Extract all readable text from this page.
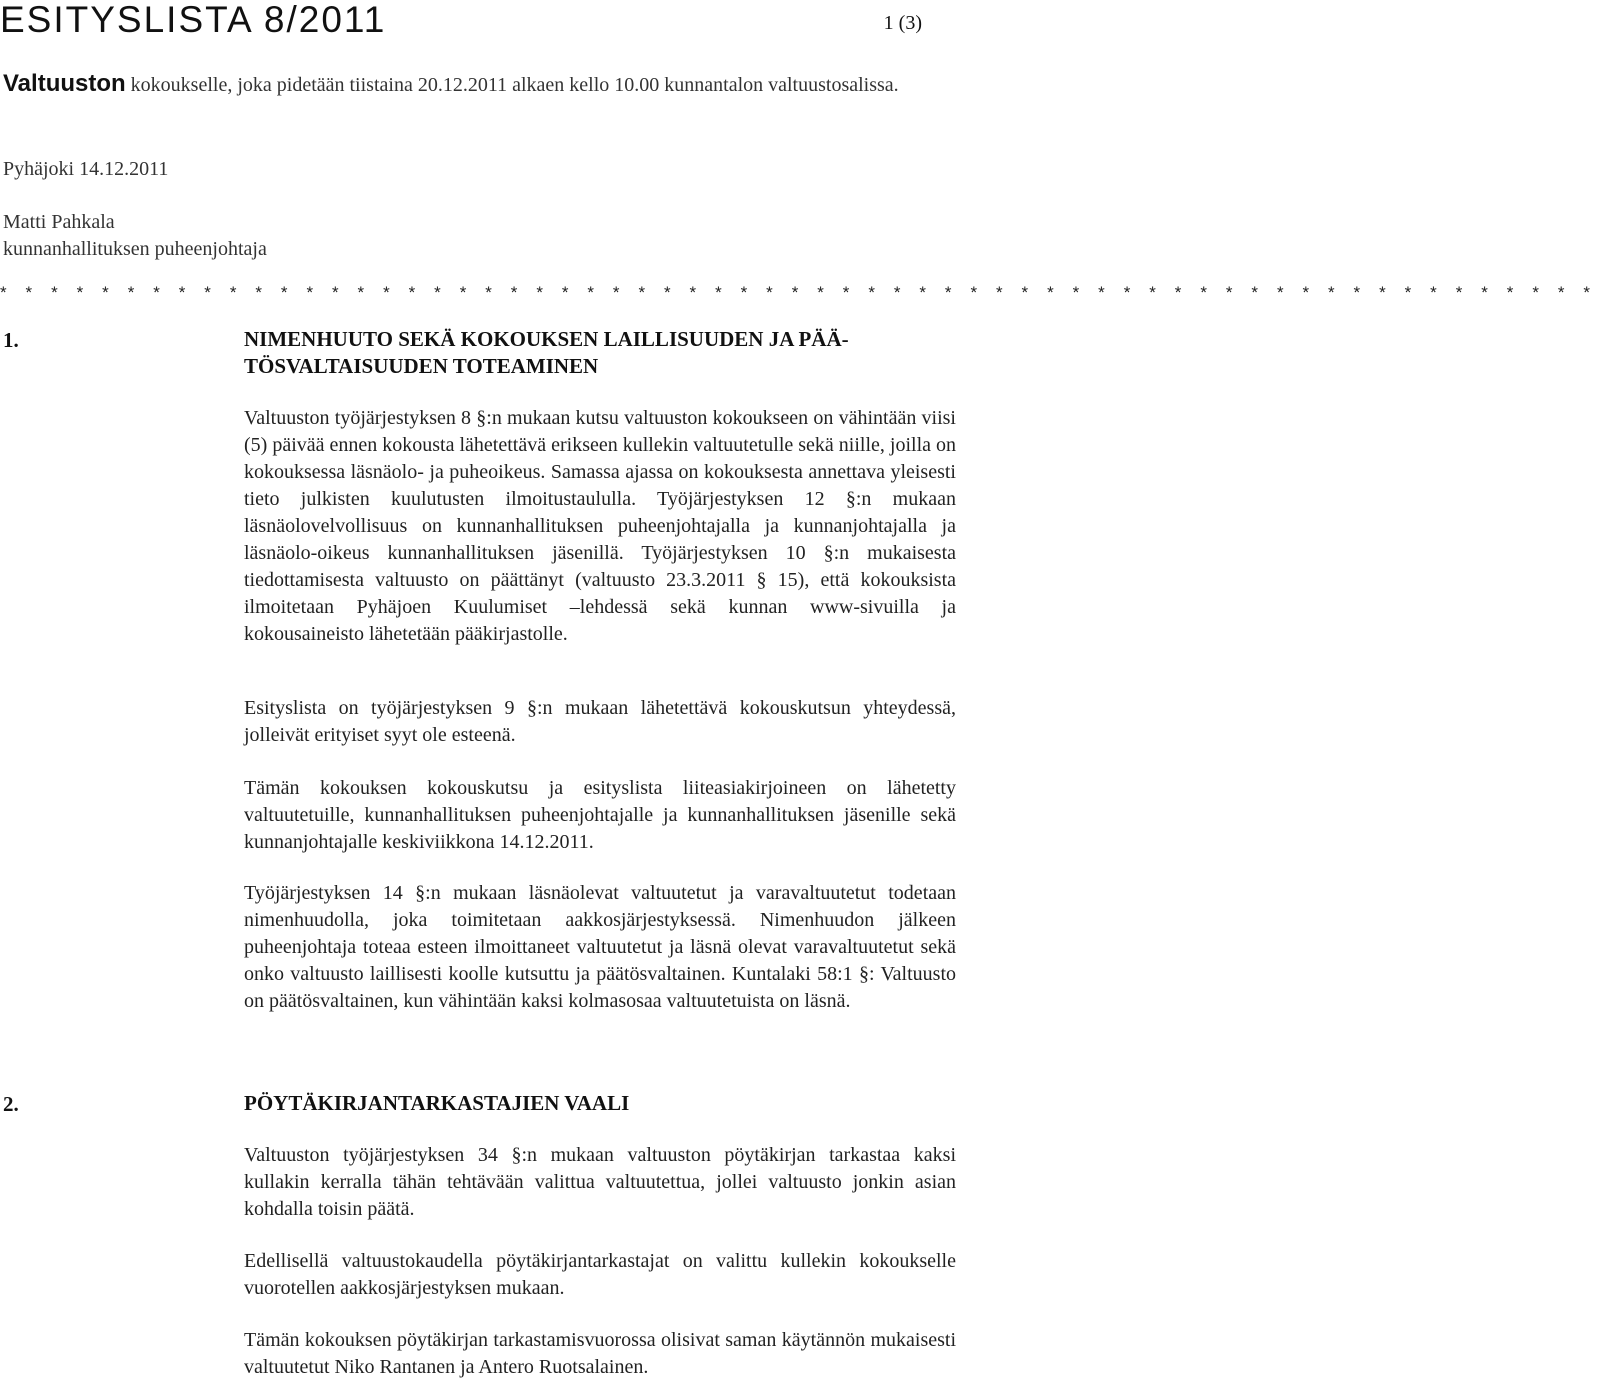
ESITYSLISTA 8/2011	1 (3)
Valtuuston kokoukselle, joka pidetään tiistaina 20.12.2011 alkaen kello 10.00 kunnantalon valtuustosalissa.
Pyhäjoki 14.12.2011
Matti Pahkala
kunnanhallituksen puheenjohtaja
* * * * * * * * * * * * * * * * * * * * * * * * * * * * * * * * * * * * * * * * * * * * * * * * * * * * * * * * * * * * * * *
1.	NIMENHUUTO SEKÄ KOKOUKSEN LAILLISUUDEN JA PÄÄ-TÖSVALTAISUUDEN TOTEAMINEN

Valtuuston työjärjestyksen 8 §:n mukaan kutsu valtuuston kokoukseen on vähintään viisi (5) päivää ennen kokousta lähetettävä erikseen kullekin valtuutetulle sekä niille, joilla on kokouksessa läsnäolo- ja puheoikeus. Samassa ajassa on kokouksesta annettava yleisesti tieto julkisten kuulutusten ilmoitustaululla. Työjärjestyksen 12 §:n mukaan läsnäolovelvollisuus on kunnanhallituksen puheenjohtajalla ja kunnanjohtajalla ja läsnäolo-oikeus kunnanhallituksen jäsenillä. Työjärjestyksen 10 §:n mukaisesta tiedottamisesta valtuusto on päättänyt (valtuusto 23.3.2011 § 15), että kokouksista ilmoitetaan Pyhäjoen Kuulumiset –lehdessä sekä kunnan www-sivuilla ja kokousaineisto lähetetään pääkirjastolle.

Esityslista on työjärjestyksen 9 §:n mukaan lähetettävä kokouskutsun yhteydessä, jolleivät erityiset syyt ole esteenä.

Tämän kokouksen kokouskutsu ja esityslista liiteasiakirjoineen on lähetetty valtuutetuille, kunnanhallituksen puheenjohtajalle ja kunnanhallituksen jäsenille sekä kunnanjohtajalle keskiviikkona 14.12.2011.

Työjärjestyksen 14 §:n mukaan läsnäolevat valtuutetut ja varavaltuutetut todetaan nimenhuudolla, joka toimitetaan aakkosjärjestyksessä. Nimenhuudon jälkeen puheenjohtaja toteaa esteen ilmoittaneet valtuutetut ja läsnä olevat varavaltuutetut sekä onko valtuusto laillisesti koolle kutsuttu ja päätösvaltainen. Kuntalaki 58:1 §: Valtuusto on päätösvaltainen, kun vähintään kaksi kolmasosaa valtuutetuista on läsnä.

2.	PÖYTÄKIRJANTARKASTAJIEN VAALI

Valtuuston työjärjestyksen 34 §:n mukaan valtuuston pöytäkirjan tarkastaa kaksi kullakin kerralla tähän tehtävään valittua valtuutettua, jollei valtuusto jonkin asian kohdalla toisin päätä.

Edellisellä valtuustokaudella pöytäkirjantarkastajat on valittu kullekin kokoukselle vuorotellen aakkosjärjestyksen mukaan.

Tämän kokouksen pöytäkirjan tarkastamisvuorossa olisivat saman käytännön mukaisesti valtuutetut Niko Rantanen ja Antero Ruotsalainen.
